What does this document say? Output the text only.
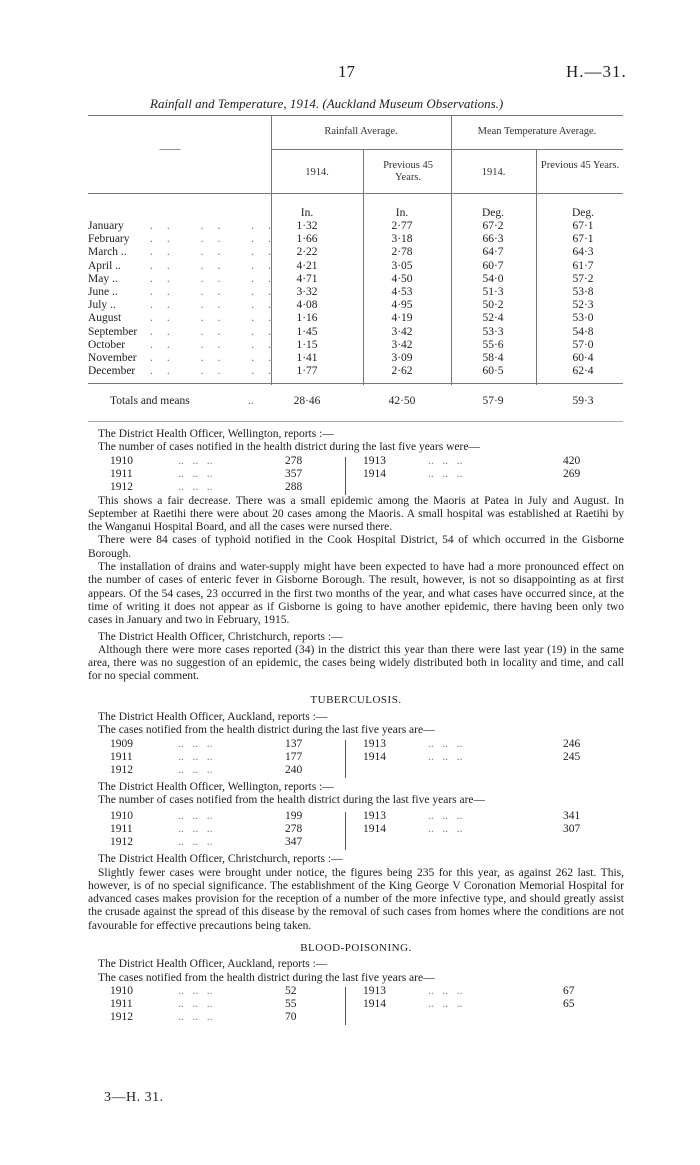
17	H.—31.
Rainfall and Temperature, 1914. (Auckland Museum Observations.)
Rainfall Average.	Mean Temperature Average.
——
1914.
Previous 45 Years.	1914.
Previous 45 Years.
In.	In.	Deg.	Deg.
January .. .. .. 1·32	2·77	67·2	67·1
February .. .. .. 1·66	3·18	66·3	67·1
March .. .. .. .. 2·22	2·78	64·7	64·3
April ..	.. .. .. 4·21	3·05	60·7	61·7
May ..	.. .. .. 4·71	4·50	54·0	57·2
June ..	.. .. .. 3·32	4·53	51·3	53·8
July ..	.. .. .. 4·08	4·95	50·2	52·3
August	.. .. .. 1·16	4·19	52·4	53·0
September .. .. .. 1·45	3·42	53·3	54·8
October .. .. .. 1·15	3·42	55·6	57·0
November .. .. .. 1·41	3·09	58·4	60·4
December .. .. .. 1·77	2·62	60·5	62·4
Totals and means	..	28·46	42·50	57·9	59·3

The District Health Officer, Wellington, reports :—

The number of cases notified in the health district during the last five years were—

1910	..   ..   ..	278
1911	..   ..   ..	357
1912	..   ..   ..	288
1913	..   ..   ..	420
1914	..   ..   ..	269

This shows a fair decrease. There was a small epidemic among the Maoris at Patea in July and August. In September at Raetihi there were about 20 cases among the Maoris. A small hospital was established at Raetihi by the Wanganui Hospital Board, and all the cases were nursed there.

There were 84 cases of typhoid notified in the Cook Hospital District, 54 of which occurred in the Gisborne Borough.

The installation of drains and water-supply might have been expected to have had a more pronounced effect on the number of cases of enteric fever in Gisborne Borough. The result, however, is not so disappointing as at first appears. Of the 54 cases, 23 occurred in the first two months of the year, and what cases have occurred since, at the time of writing it does not appear as if Gisborne is going to have another epidemic, there having been only two cases in January and two in February, 1915.

The District Health Officer, Christchurch, reports :—

Although there were more cases reported (34) in the district this year than there were last year (19) in the same area, there was no suggestion of an epidemic, the cases being widely distributed both in locality and time, and call for no special comment.

TUBERCULOSIS.

The District Health Officer, Auckland, reports :—

The cases notified from the health district during the last five years are—

1909	..   ..   ..	137
1911	..   ..   ..	177
1912	..   ..   ..	240
1913	..   ..   ..	246
1914	..   ..   ..	245

The District Health Officer, Wellington, reports :—

The number of cases notified from the health district during the last five years are—

1910	..   ..   ..	199
1911	..   ..   ..	278
1912	..   ..   ..	347
1913	..   ..   ..	341
1914	..   ..   ..	307

The District Health Officer, Christchurch, reports :—

Slightly fewer cases were brought under notice, the figures being 235 for this year, as against 262 last. This, however, is of no special significance. The establishment of the King George V Coronation Memorial Hospital for advanced cases makes provision for the reception of a number of the more infective type, and should greatly assist the crusade against the spread of this disease by the removal of such cases from homes where the conditions are not favourable for effective precautions being taken.

BLOOD-POISONING.

The District Health Officer, Auckland, reports :—

The cases notified from the health district during the last five years are—

1910	..   ..   ..	52
1911	..   ..   ..	55
1912	..   ..   ..	70
1913	..   ..   ..	67
1914	..   ..   ..	65
3—H. 31.
